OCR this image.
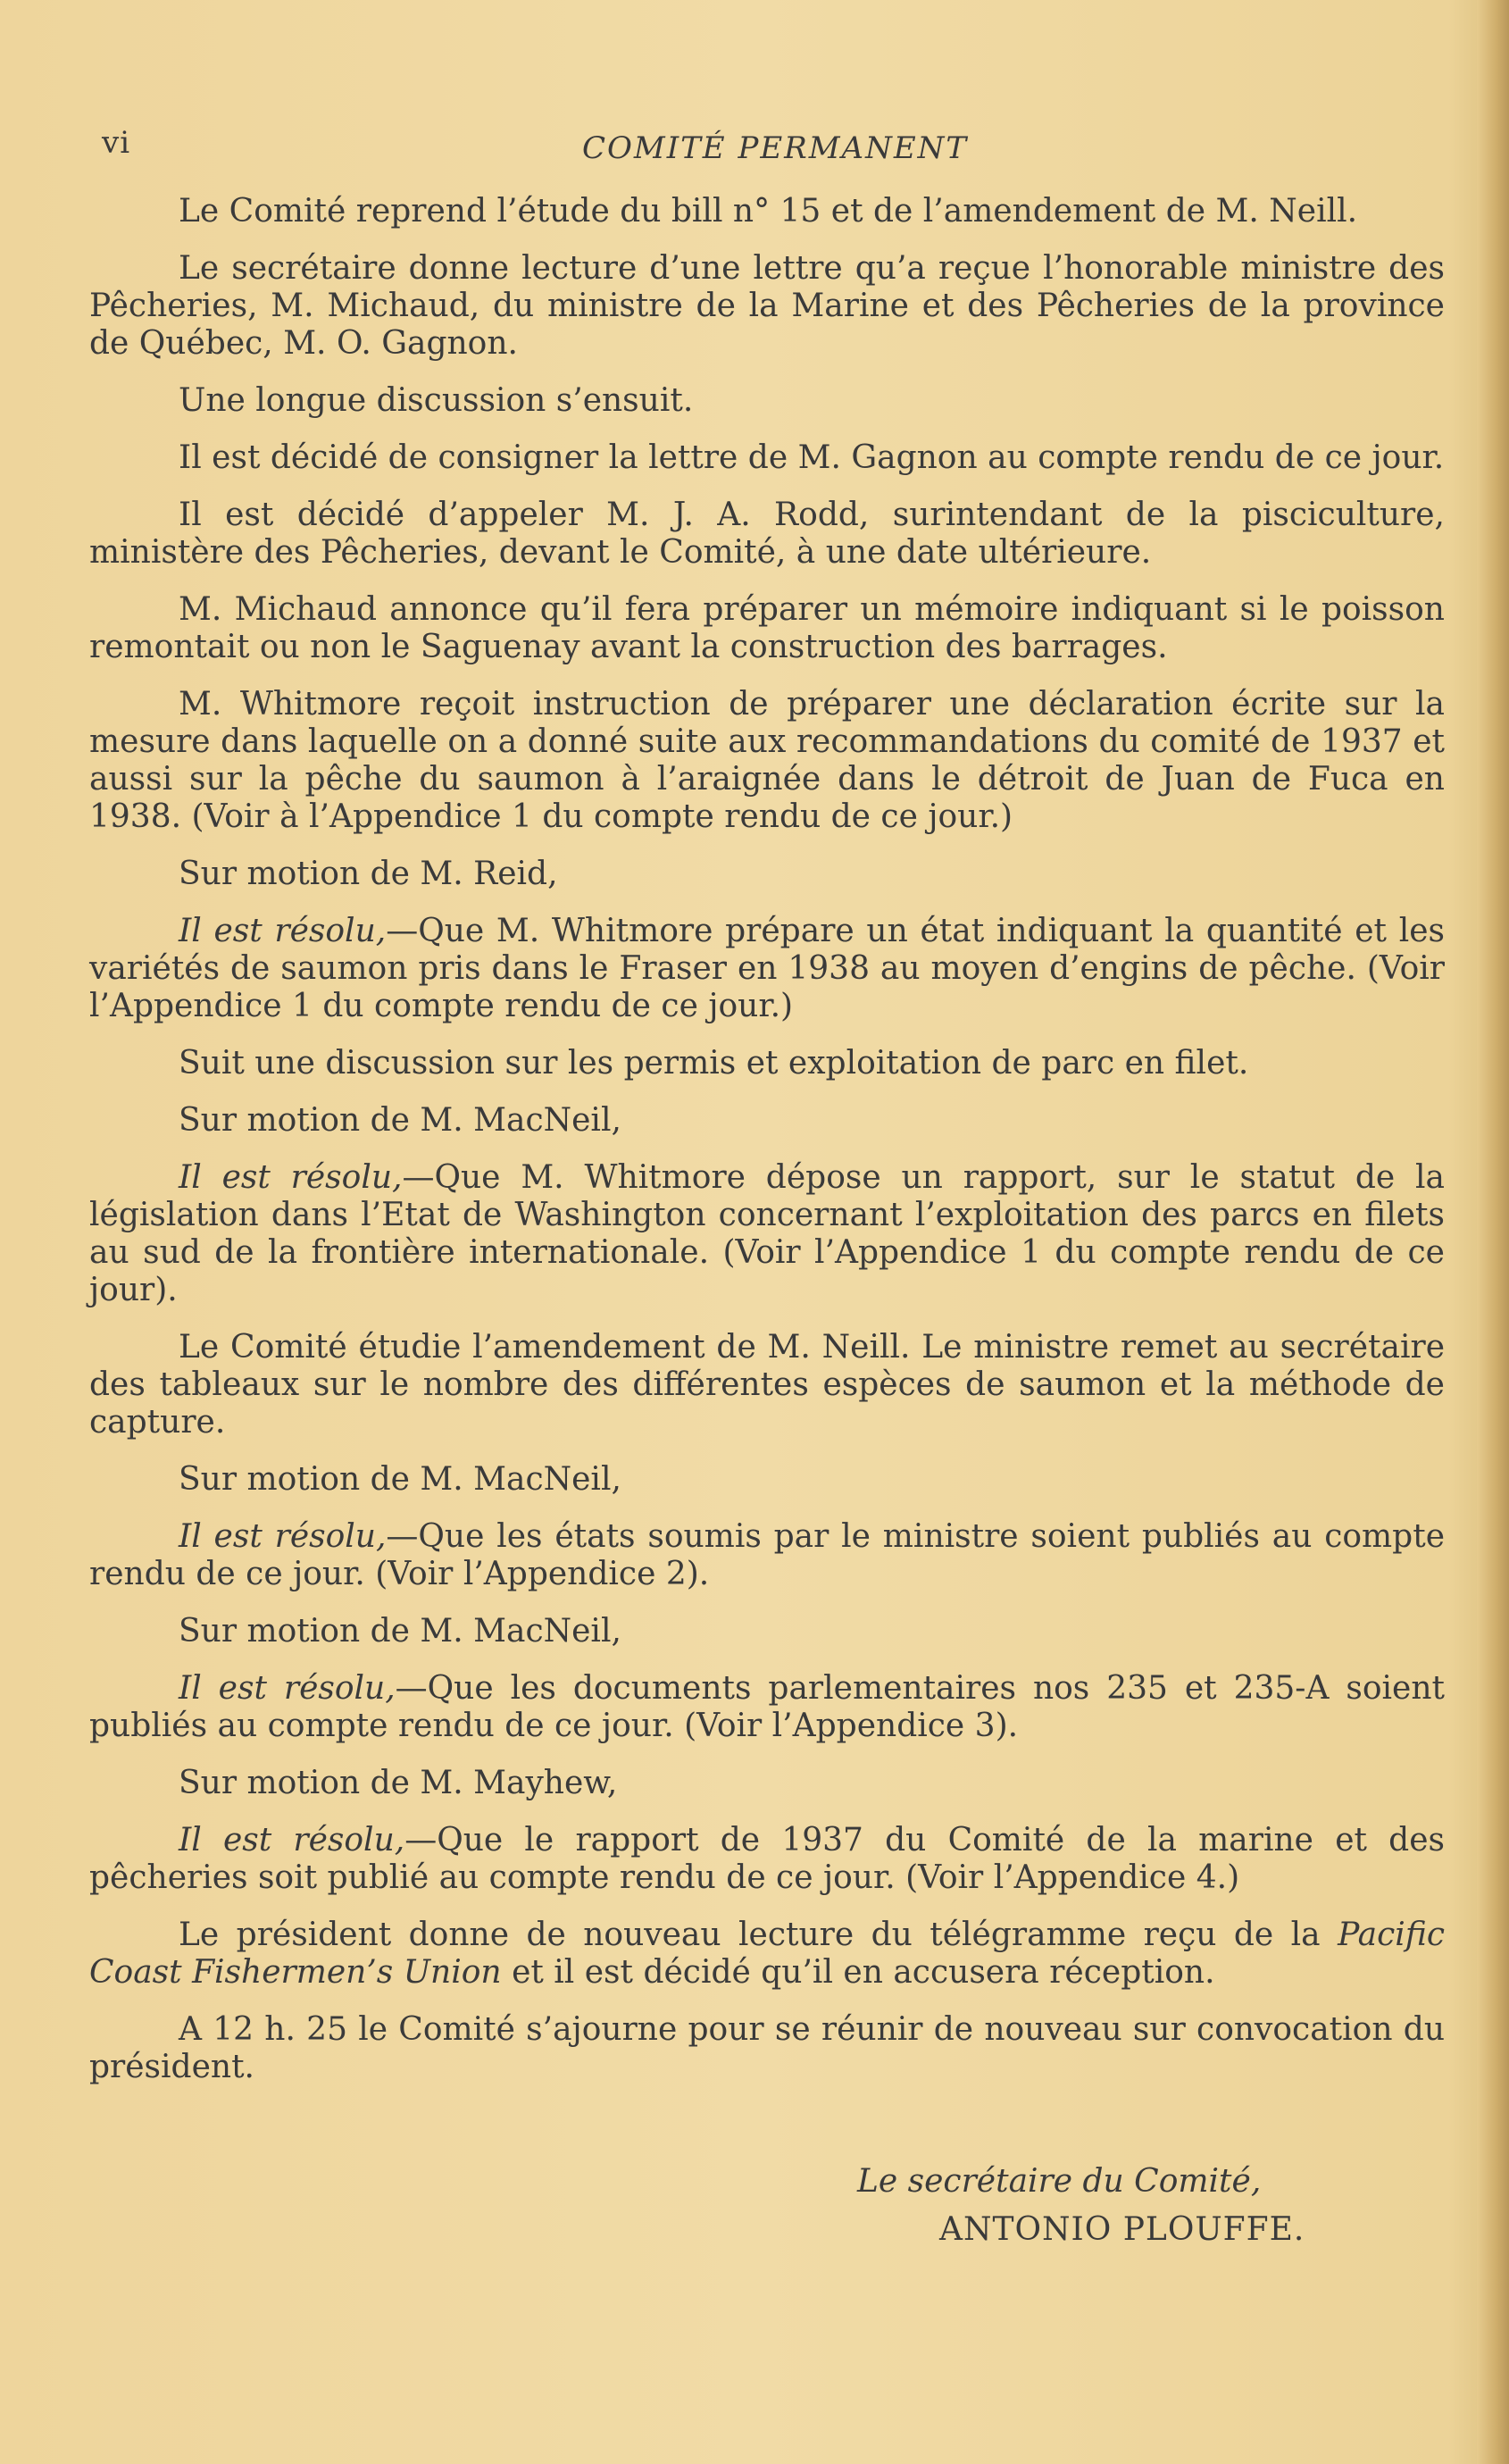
vi	COMITÉ PERMANENT

Le Comité reprend l’étude du bill n° 15 et de l’amendement de M. Neill.

Le secrétaire donne lecture d’une lettre qu’a reçue l’honorable ministre des Pêcheries, M. Michaud, du ministre de la Marine et des Pêcheries de la province de Québec, M. O. Gagnon.

Une longue discussion s’ensuit.

Il est décidé de consigner la lettre de M. Gagnon au compte rendu de ce jour.

Il est décidé d’appeler M. J. A. Rodd, surintendant de la pisciculture, ministère des Pêcheries, devant le Comité, à une date ultérieure.

M. Michaud annonce qu’il fera préparer un mémoire indiquant si le poisson remontait ou non le Saguenay avant la construction des barrages.

M. Whitmore reçoit instruction de préparer une déclaration écrite sur la mesure dans laquelle on a donné suite aux recommandations du comité de 1937 et aussi sur la pêche du saumon à l’araignée dans le détroit de Juan de Fuca en 1938. (Voir à l’Appendice 1 du compte rendu de ce jour.)

Sur motion de M. Reid,

Il est résolu,—Que M. Whitmore prépare un état indiquant la quantité et les variétés de saumon pris dans le Fraser en 1938 au moyen d’engins de pêche. (Voir l’Appendice 1 du compte rendu de ce jour.)

Suit une discussion sur les permis et exploitation de parc en filet.

Sur motion de M. MacNeil,

Il est résolu,—Que M. Whitmore dépose un rapport, sur le statut de la législation dans l’Etat de Washington concernant l’exploitation des parcs en filets au sud de la frontière internationale. (Voir l’Appendice 1 du compte rendu de ce jour).

Le Comité étudie l’amendement de M. Neill. Le ministre remet au secrétaire des tableaux sur le nombre des différentes espèces de saumon et la méthode de capture.

Sur motion de M. MacNeil,

Il est résolu,—Que les états soumis par le ministre soient publiés au compte rendu de ce jour. (Voir l’Appendice 2).

Sur motion de M. MacNeil,

Il est résolu,—Que les documents parlementaires nos 235 et 235-A soient publiés au compte rendu de ce jour. (Voir l’Appendice 3).

Sur motion de M. Mayhew,

Il est résolu,—Que le rapport de 1937 du Comité de la marine et des pêcheries soit publié au compte rendu de ce jour. (Voir l’Appendice 4.)

Le président donne de nouveau lecture du télégramme reçu de la Pacific Coast Fishermen’s Union et il est décidé qu’il en accusera réception.

A 12 h. 25 le Comité s’ajourne pour se réunir de nouveau sur convocation du président.

Le secrétaire du Comité,
ANTONIO PLOUFFE.
